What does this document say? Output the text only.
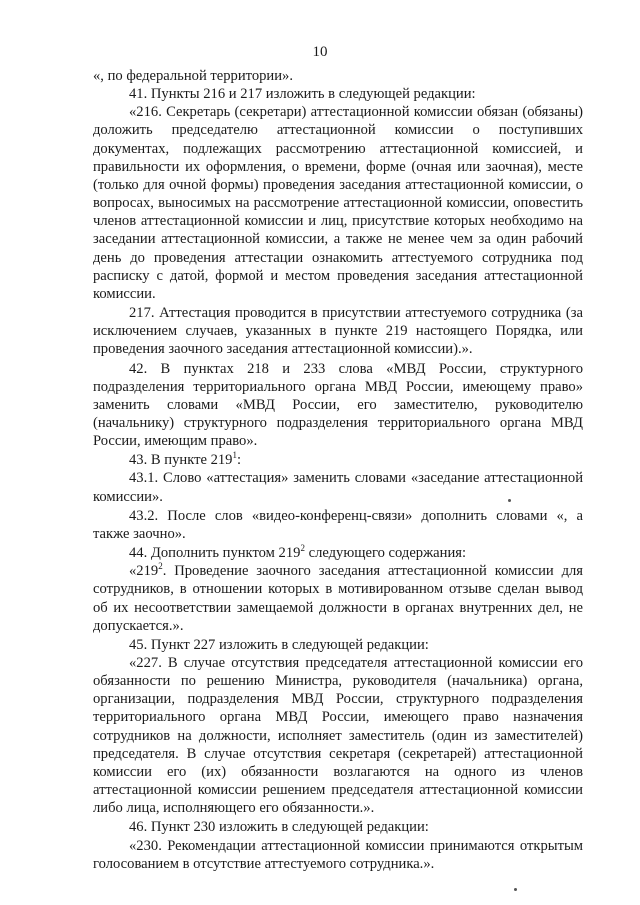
10

«, по федеральной территории».

41. Пункты 216 и 217 изложить в следующей редакции:

«216. Секретарь (секретари) аттестационной комиссии обязан (обязаны) доложить председателю аттестационной комиссии о поступивших документах, подлежащих рассмотрению аттестационной комиссией, и правильности их оформления, о времени, форме (очная или заочная), месте (только для очной формы) проведения заседания аттестационной комиссии, о вопросах, выносимых на рассмотрение аттестационной комиссии, оповестить членов аттестационной комиссии и лиц, присутствие которых необходимо на заседании аттестационной комиссии, а также не менее чем за один рабочий день до проведения аттестации ознакомить аттестуемого сотрудника под расписку с датой, формой и местом проведения заседания аттестационной комиссии.

217. Аттестация проводится в присутствии аттестуемого сотрудника (за исключением случаев, указанных в пункте 219 настоящего Порядка, или проведения заочного заседания аттестационной комиссии).».

42. В пунктах 218 и 233 слова «МВД России, структурного подразделения территориального органа МВД России, имеющему право» заменить словами «МВД России, его заместителю, руководителю (начальнику) структурного подразделения территориального органа МВД России, имеющим право».

43. В пункте $219^1$:

43.1. Слово «аттестация» заменить словами «заседание аттестационной комиссии».

43.2. После слов «видео-конференц-связи» дополнить словами «, а также заочно».

44. Дополнить пунктом $219^2$ следующего содержания:

«$219^2$. Проведение заочного заседания аттестационной комиссии для сотрудников, в отношении которых в мотивированном отзыве сделан вывод об их несоответствии замещаемой должности в органах внутренних дел, не допускается.».

45. Пункт 227 изложить в следующей редакции:

«227. В случае отсутствия председателя аттестационной комиссии его обязанности по решению Министра, руководителя (начальника) органа, организации, подразделения МВД России, структурного подразделения территориального органа МВД России, имеющего право назначения сотрудников на должности, исполняет заместитель (один из заместителей) председателя. В случае отсутствия секретаря (секретарей) аттестационной комиссии его (их) обязанности возлагаются на одного из членов аттестационной комиссии решением председателя аттестационной комиссии либо лица, исполняющего его обязанности.».

46. Пункт 230 изложить в следующей редакции:

«230. Рекомендации аттестационной комиссии принимаются открытым голосованием в отсутствие аттестуемого сотрудника.».
